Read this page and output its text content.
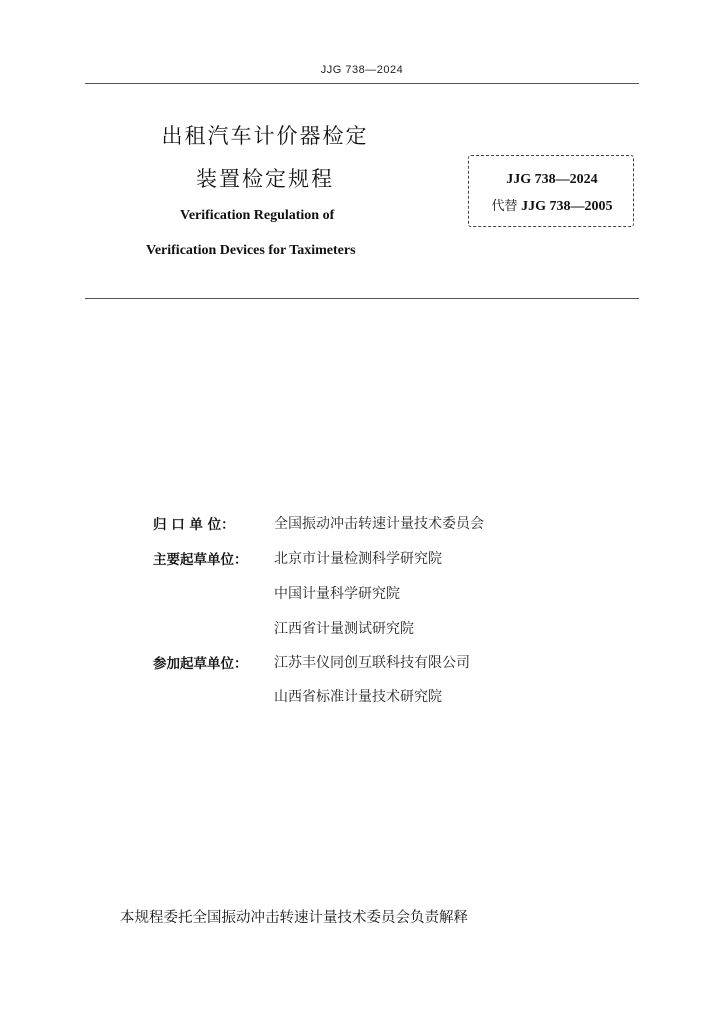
JJG 738—2024
出租汽车计价器检定
装置检定规程
Verification Regulation of
Verification Devices for Taximeters
JJG 738—2024
代替 JJG 738—2005
归 口 单 位：	全国振动冲击转速计量技术委员会
主要起草单位：	北京市计量检测科学研究院
中国计量科学研究院
江西省计量测试研究院
参加起草单位：	江苏丰仪同创互联科技有限公司
山西省标准计量技术研究院
本规程委托全国振动冲击转速计量技术委员会负责解释
